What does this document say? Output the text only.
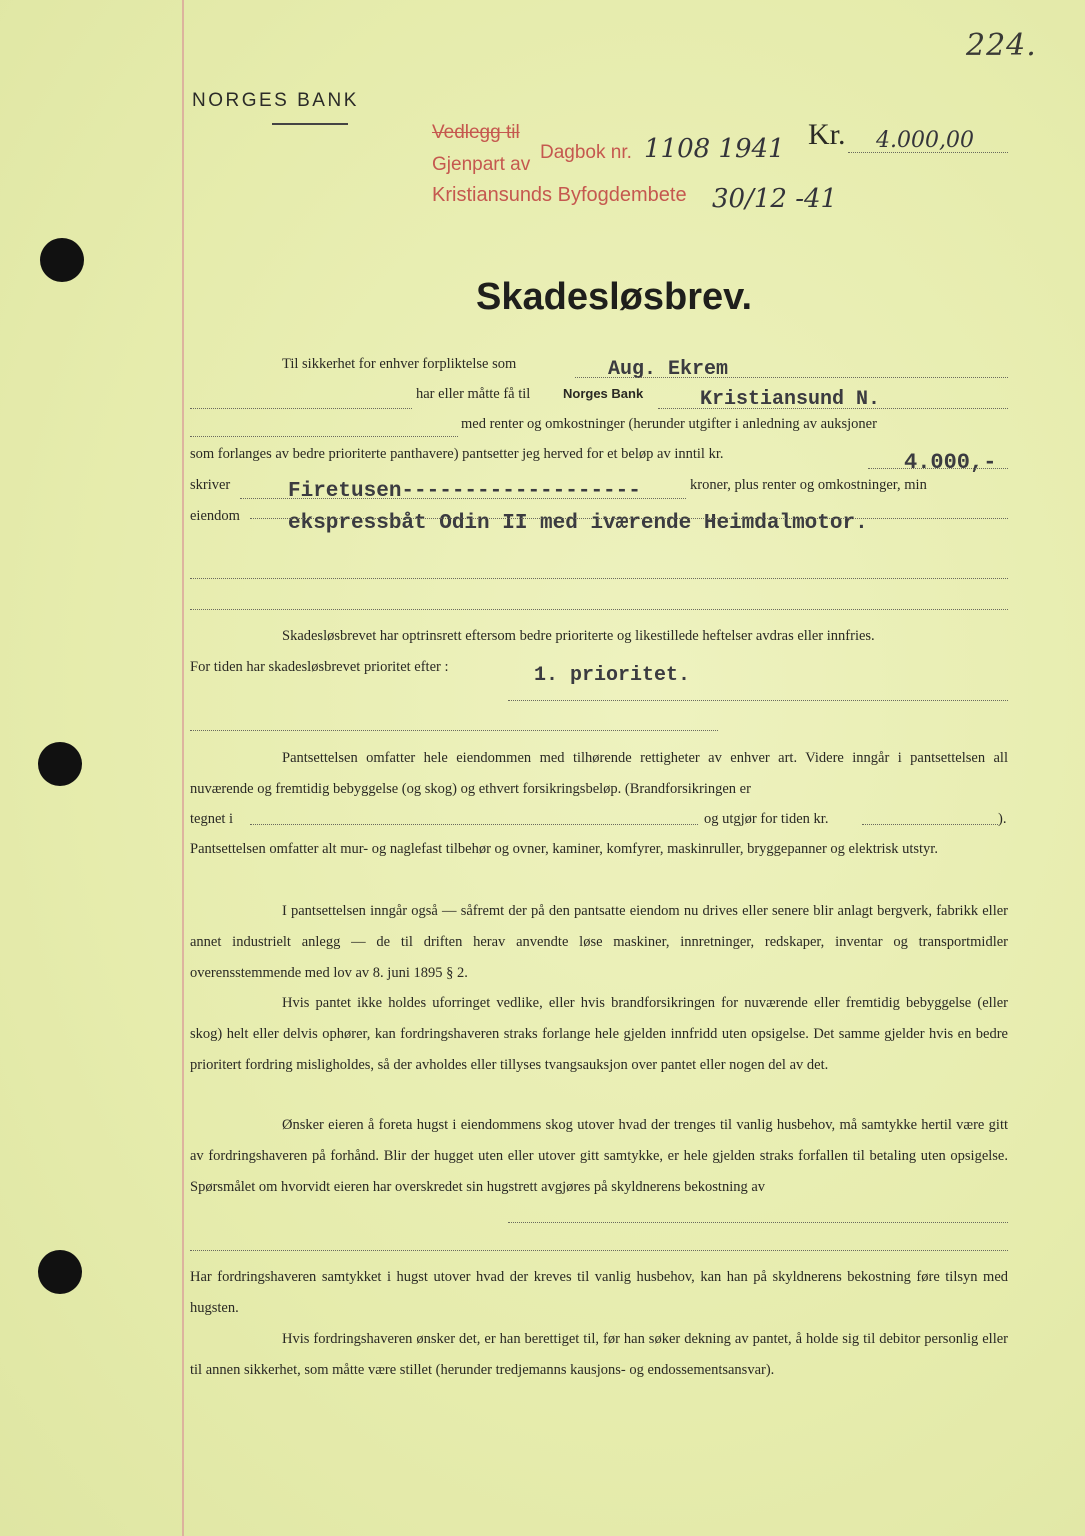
224.
NORGES BANK
Vedlegg til
Gjenpart av
Dagbok nr. 1108 1941
Kristiansunds Byfogdembete 30/12 -41
Kr. 4.000,00
Skadesløsbrev.
Til sikkerhet for enhver forpliktelse som	Aug. Ekrem
har eller måtte få til	Norges Bank	Kristiansund N.
med renter og omkostninger (herunder utgifter i anledning av auksjoner
som forlanges av bedre prioriterte panthavere) pantsetter jeg herved for et beløp av inntil kr.	4.000,-
skriver	Firetusen-------------------	kroner, plus renter og omkostninger, min
eiendom ekspressbåt Odin II med iværende Heimdalmotor.
Skadesløsbrevet har optrinsrett eftersom bedre prioriterte og likestillede heftelser avdras eller innfries.
For tiden har skadesløsbrevet prioritet efter :	1. prioritet.

Pantsettelsen omfatter hele eiendommen med tilhørende rettigheter av enhver art. Videre inngår i pantsettelsen all nuværende og fremtidig bebyggelse (og skog) og ethvert forsikringsbeløp. (Brandforsikringen er

tegnet i	og utgjør for tiden kr.	).

Pantsettelsen omfatter alt mur- og naglefast tilbehør og ovner, kaminer, komfyrer, maskinruller, bryggepanner og elektrisk utstyr.

I pantsettelsen inngår også — såfremt der på den pantsatte eiendom nu drives eller senere blir anlagt bergverk, fabrikk eller annet industrielt anlegg — de til driften herav anvendte løse maskiner, innretninger, redskaper, inventar og transportmidler overensstemmende med lov av 8. juni 1895 § 2.

Hvis pantet ikke holdes uforringet vedlike, eller hvis brandforsikringen for nuværende eller fremtidig bebyggelse (eller skog) helt eller delvis ophører, kan fordringshaveren straks forlange hele gjelden innfridd uten opsigelse. Det samme gjelder hvis en bedre prioritert fordring misligholdes, så der avholdes eller tillyses tvangsauksjon over pantet eller nogen del av det.

Ønsker eieren å foreta hugst i eiendommens skog utover hvad der trenges til vanlig husbehov, må samtykke hertil være gitt av fordringshaveren på forhånd. Blir der hugget uten eller utover gitt samtykke, er hele gjelden straks forfallen til betaling uten opsigelse. Spørsmålet om hvorvidt eieren har overskredet sin hugstrett avgjøres på skyldnerens bekostning av

Har fordringshaveren samtykket i hugst utover hvad der kreves til vanlig husbehov, kan han på skyldnerens bekostning føre tilsyn med hugsten.

Hvis fordringshaveren ønsker det, er han berettiget til, før han søker dekning av pantet, å holde sig til debitor personlig eller til annen sikkerhet, som måtte være stillet (herunder tredjemanns kausjons- og endossementsansvar).
